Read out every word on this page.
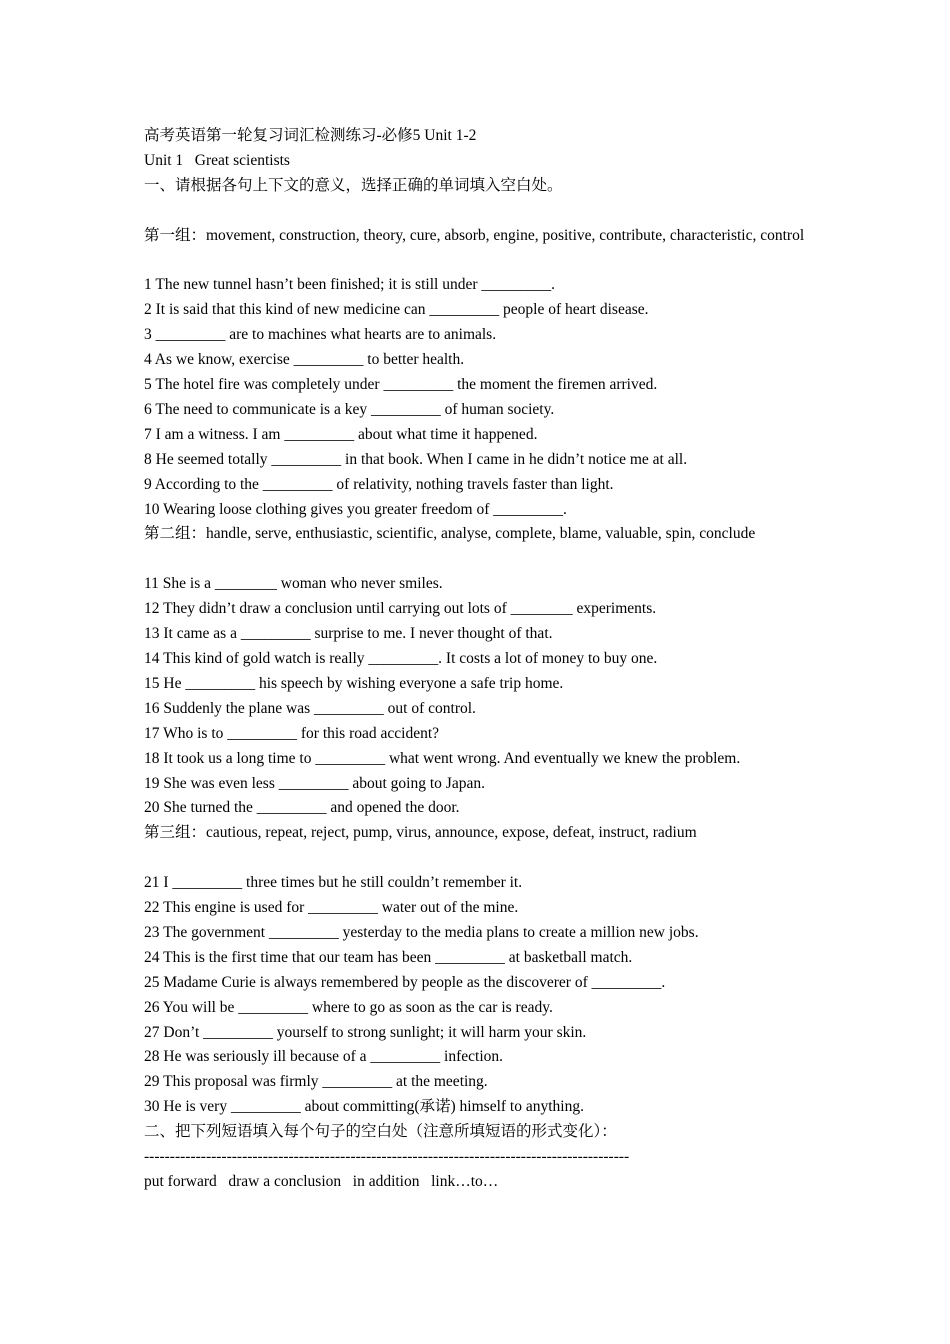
高考英语第一轮复习词汇检测练习-必修5 Unit 1-2
Unit 1   Great scientists
一、请根据各句上下文的意义，选择正确的单词填入空白处。
第一组：movement, construction, theory, cure, absorb, engine, positive, contribute, characteristic, control
1 The new tunnel hasn’t been finished; it is still under _________.
2 It is said that this kind of new medicine can _________ people of heart disease.
3 _________ are to machines what hearts are to animals.
4 As we know, exercise _________ to better health.
5 The hotel fire was completely under _________ the moment the firemen arrived.
6 The need to communicate is a key _________ of human society.
7 I am a witness. I am _________ about what time it happened.
8 He seemed totally _________ in that book. When I came in he didn’t notice me at all.
9 According to the _________ of relativity, nothing travels faster than light.
10 Wearing loose clothing gives you greater freedom of _________.
第二组：handle, serve, enthusiastic, scientific, analyse, complete, blame, valuable, spin, conclude
11 She is a ________ woman who never smiles.
12 They didn’t draw a conclusion until carrying out lots of ________ experiments.
13 It came as a _________ surprise to me. I never thought of that.
14 This kind of gold watch is really _________. It costs a lot of money to buy one.
15 He _________ his speech by wishing everyone a safe trip home.
16 Suddenly the plane was _________ out of control.
17 Who is to _________ for this road accident?
18 It took us a long time to _________ what went wrong. And eventually we knew the problem.
19 She was even less _________ about going to Japan.
20 She turned the _________ and opened the door.
第三组：cautious, repeat, reject, pump, virus, announce, expose, defeat, instruct, radium
21 I _________ three times but he still couldn’t remember it.
22 This engine is used for _________ water out of the mine.
23 The government _________ yesterday to the media plans to create a million new jobs.
24 This is the first time that our team has been _________ at basketball match.
25 Madame Curie is always remembered by people as the discoverer of _________.
26 You will be _________ where to go as soon as the car is ready.
27 Don’t _________ yourself to strong sunlight; it will harm your skin.
28 He was seriously ill because of a _________ infection.
29 This proposal was firmly _________ at the meeting.
30 He is very _________ about committing(承诺) himself to anything.
二、把下列短语填入每个句子的空白处（注意所填短语的形式变化）：
----------------------------------------------------------------------------------------------
put forward   draw a conclusion   in addition   link…to…
